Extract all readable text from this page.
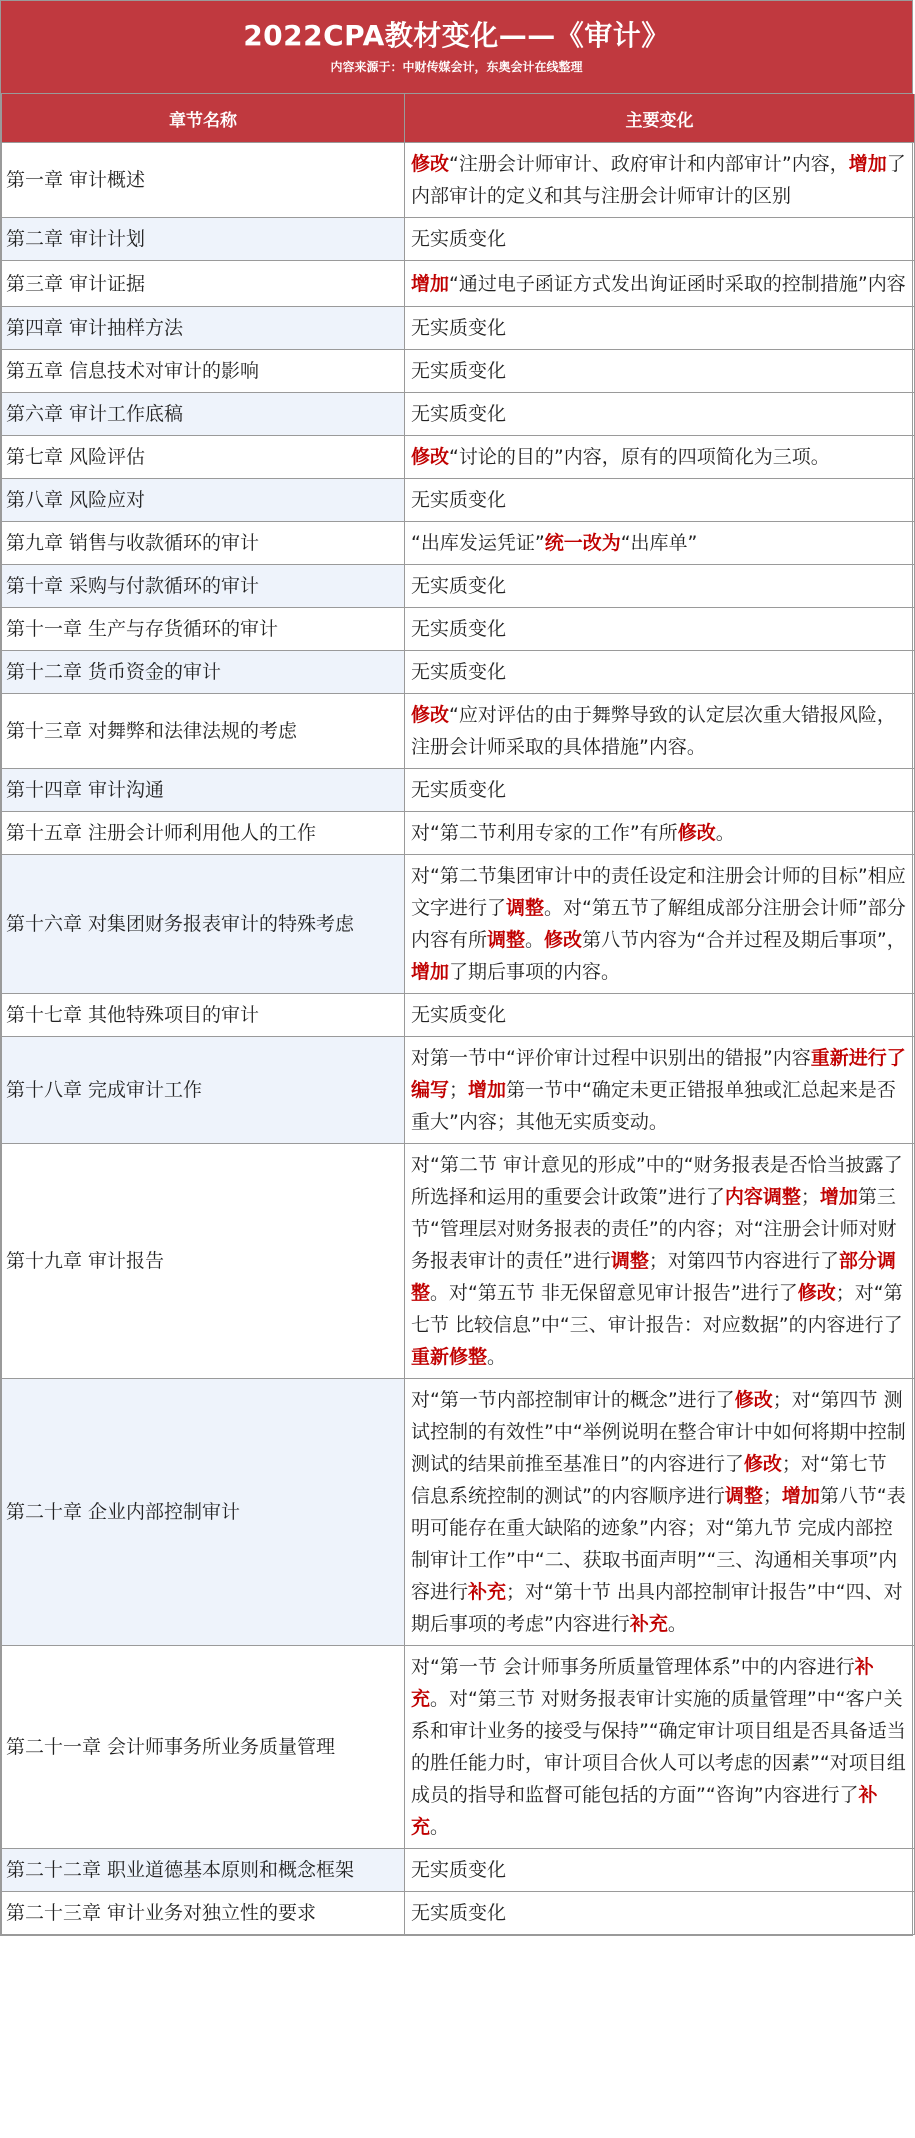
2022CPA教材变化——《审计》
内容来源于：中财传媒会计，东奥会计在线整理
章节名称	主要变化
第一章 审计概述	修改“注册会计师审计、政府审计和内部审计”内容，增加了内部审计的定义和其与注册会计师审计的区别
第二章 审计计划	无实质变化
第三章 审计证据	增加“通过电子函证方式发出询证函时采取的控制措施”内容
第四章 审计抽样方法	无实质变化
第五章 信息技术对审计的影响	无实质变化
第六章 审计工作底稿	无实质变化
第七章 风险评估	修改“讨论的目的”内容，原有的四项简化为三项。
第八章 风险应对	无实质变化
第九章 销售与收款循环的审计	“出库发运凭证”统一改为“出库单”
第十章 采购与付款循环的审计	无实质变化
第十一章 生产与存货循环的审计	无实质变化
第十二章 货币资金的审计	无实质变化
第十三章 对舞弊和法律法规的考虑	修改“应对评估的由于舞弊导致的认定层次重大错报风险，注册会计师采取的具体措施”内容。
第十四章 审计沟通	无实质变化
第十五章 注册会计师利用他人的工作	对“第二节利用专家的工作”有所修改。
第十六章 对集团财务报表审计的特殊考虑	对“第二节集团审计中的责任设定和注册会计师的目标”相应文字进行了调整。对“第五节了解组成部分注册会计师”部分内容有所调整。修改第八节内容为“合并过程及期后事项”，增加了期后事项的内容。
第十七章 其他特殊项目的审计	无实质变化
第十八章 完成审计工作	对第一节中“评价审计过程中识别出的错报”内容重新进行了编写；增加第一节中“确定未更正错报单独或汇总起来是否重大”内容；其他无实质变动。
第十九章 审计报告	对“第二节 审计意见的形成”中的“财务报表是否恰当披露了所选择和运用的重要会计政策”进行了内容调整；增加第三节“管理层对财务报表的责任”的内容；对“注册会计师对财务报表审计的责任”进行调整；对第四节内容进行了部分调整。对“第五节 非无保留意见审计报告”进行了修改；对“第七节 比较信息”中“三、审计报告：对应数据”的内容进行了重新修整。
第二十章 企业内部控制审计	对“第一节内部控制审计的概念”进行了修改；对“第四节 测试控制的有效性”中“举例说明在整合审计中如何将期中控制测试的结果前推至基准日”的内容进行了修改；对“第七节 信息系统控制的测试”的内容顺序进行调整；增加第八节“表明可能存在重大缺陷的迹象”内容；对“第九节 完成内部控制审计工作”中“二、获取书面声明”“三、沟通相关事项”内容进行补充；对“第十节 出具内部控制审计报告”中“四、对期后事项的考虑”内容进行补充。
第二十一章 会计师事务所业务质量管理	对“第一节 会计师事务所质量管理体系”中的内容进行补充。对“第三节 对财务报表审计实施的质量管理”中“客户关系和审计业务的接受与保持”“确定审计项目组是否具备适当的胜任能力时，审计项目合伙人可以考虑的因素”“对项目组成员的指导和监督可能包括的方面”“咨询”内容进行了补充。
第二十二章 职业道德基本原则和概念框架	无实质变化
第二十三章 审计业务对独立性的要求	无实质变化
